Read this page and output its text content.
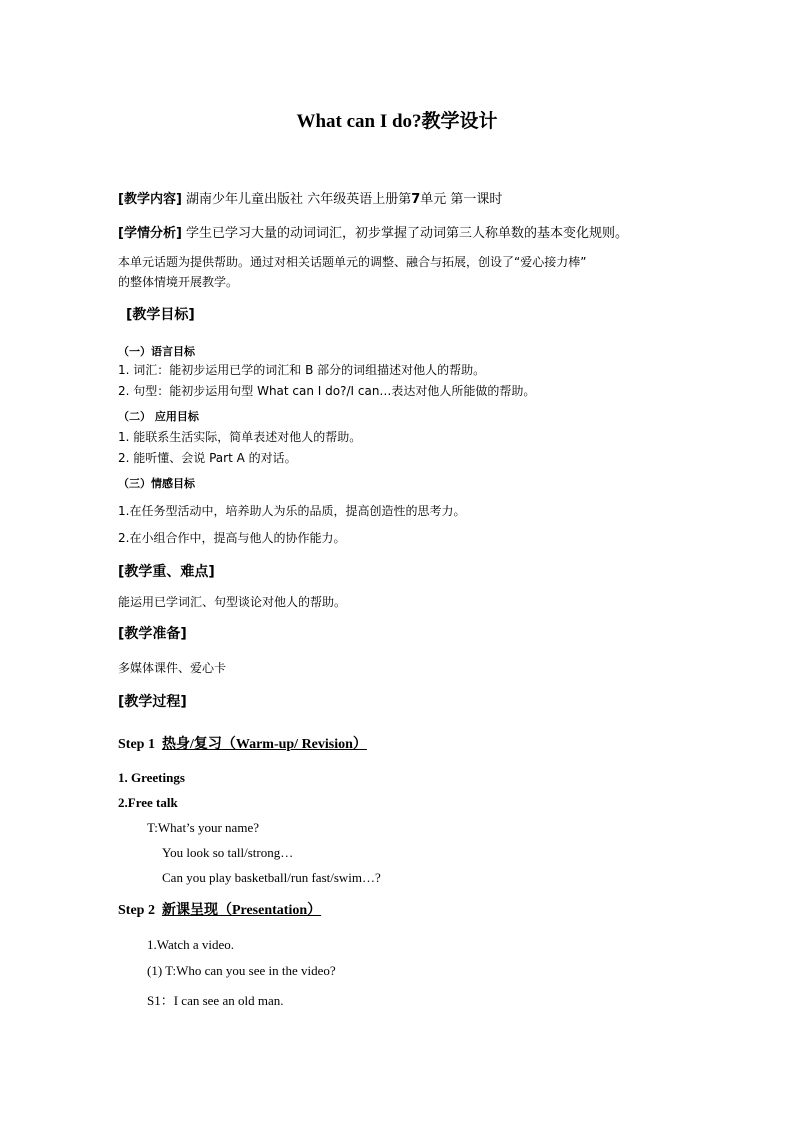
What can I do?教学设计
[教学内容] 湖南少年儿童出版社 六年级英语上册第7单元 第一课时
[学情分析] 学生已学习大量的动词词汇，初步掌握了动词第三人称单数的基本变化规则。
本单元话题为提供帮助。通过对相关话题单元的调整、融合与拓展，创设了“爱心接力棒”
的整体情境开展教学。
[教学目标]
（一）语言目标
1. 词汇：能初步运用已学的词汇和 B 部分的词组描述对他人的帮助。
2. 句型：能初步运用句型 What can I do?/I can…表达对他人所能做的帮助。
（二） 应用目标
1. 能联系生活实际，简单表述对他人的帮助。
2. 能听懂、会说 Part A 的对话。
（三）情感目标
1.在任务型活动中，培养助人为乐的品质，提高创造性的思考力。
2.在小组合作中，提高与他人的协作能力。
[教学重、难点]
能运用已学词汇、句型谈论对他人的帮助。
[教学准备]
多媒体课件、爱心卡
[教学过程]
Step 1 热身/复习（Warm-up/ Revision）
1. Greetings
2.Free talk
T:What’s your name?
You look so tall/strong…
Can you play basketball/run fast/swim…?
Step 2 新课呈现（Presentation）
1.Watch a video.
(1) T:Who can you see in the video?
S1：I can see an old man.
